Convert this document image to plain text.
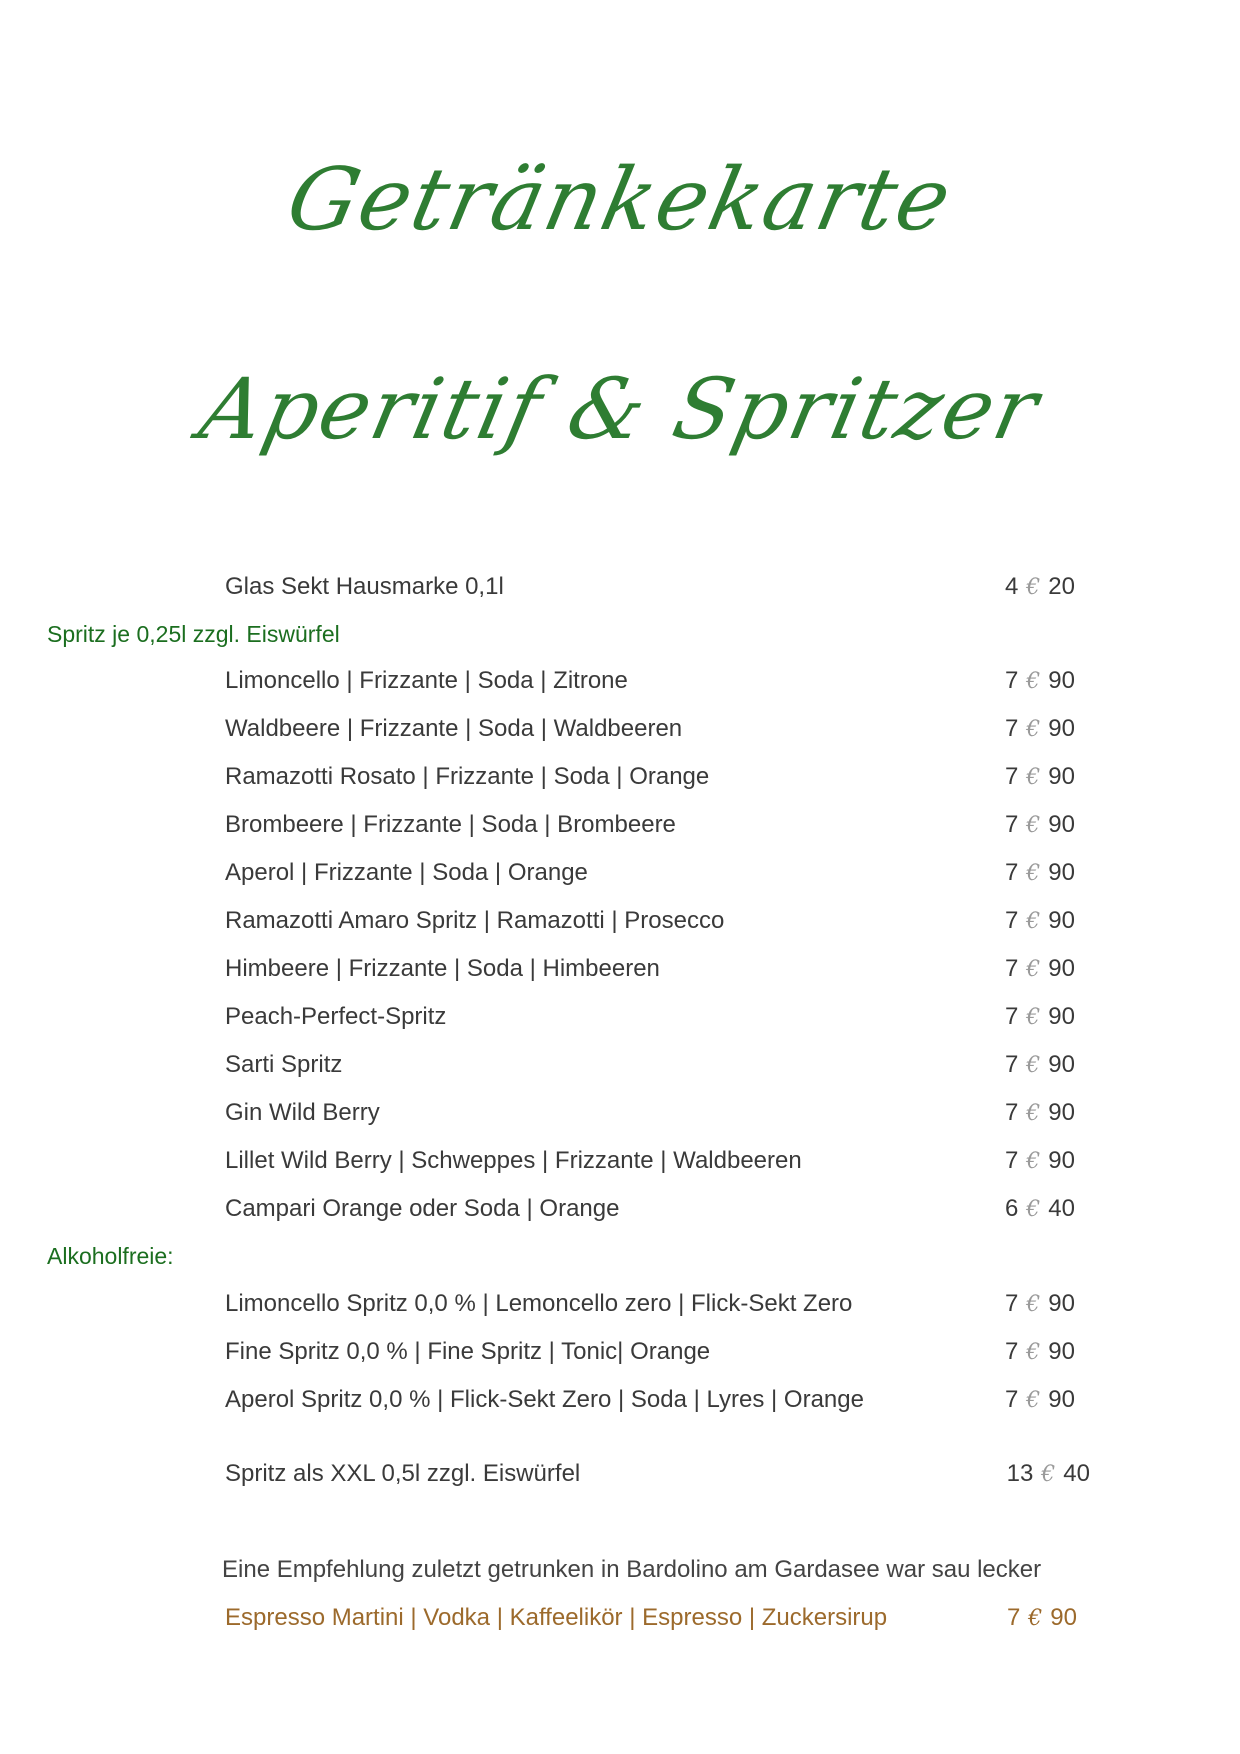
Getränkekarte
Aperitif & Spritzer
Glas Sekt Hausmarke 0,1l	4 € 20
Spritz je 0,25l zzgl. Eiswürfel
Limoncello | Frizzante | Soda | Zitrone	7 € 90
Waldbeere | Frizzante | Soda | Waldbeeren	7 € 90
Ramazotti Rosato | Frizzante | Soda | Orange	7 € 90
Brombeere | Frizzante | Soda | Brombeere	7 € 90
Aperol | Frizzante | Soda | Orange	7 € 90
Ramazotti Amaro Spritz | Ramazotti | Prosecco	7 € 90
Himbeere | Frizzante | Soda | Himbeeren	7 € 90
Peach-Perfect-Spritz	7 € 90
Sarti Spritz	7 € 90
Gin Wild Berry	7 € 90
Lillet Wild Berry | Schweppes | Frizzante | Waldbeeren	7 € 90
Campari Orange oder Soda | Orange	6 € 40
Alkoholfreie:
Limoncello Spritz 0,0 % | Lemoncello zero | Flick-Sekt Zero	7 € 90
Fine Spritz 0,0 % | Fine Spritz | Tonic| Orange	7 € 90
Aperol Spritz 0,0 % | Flick-Sekt Zero | Soda | Lyres | Orange	7 € 90
Spritz als XXL 0,5l zzgl. Eiswürfel	13 € 40
Eine Empfehlung zuletzt getrunken in Bardolino am Gardasee war sau lecker
Espresso Martini | Vodka | Kaffeelikör | Espresso | Zuckersirup	7 € 90
